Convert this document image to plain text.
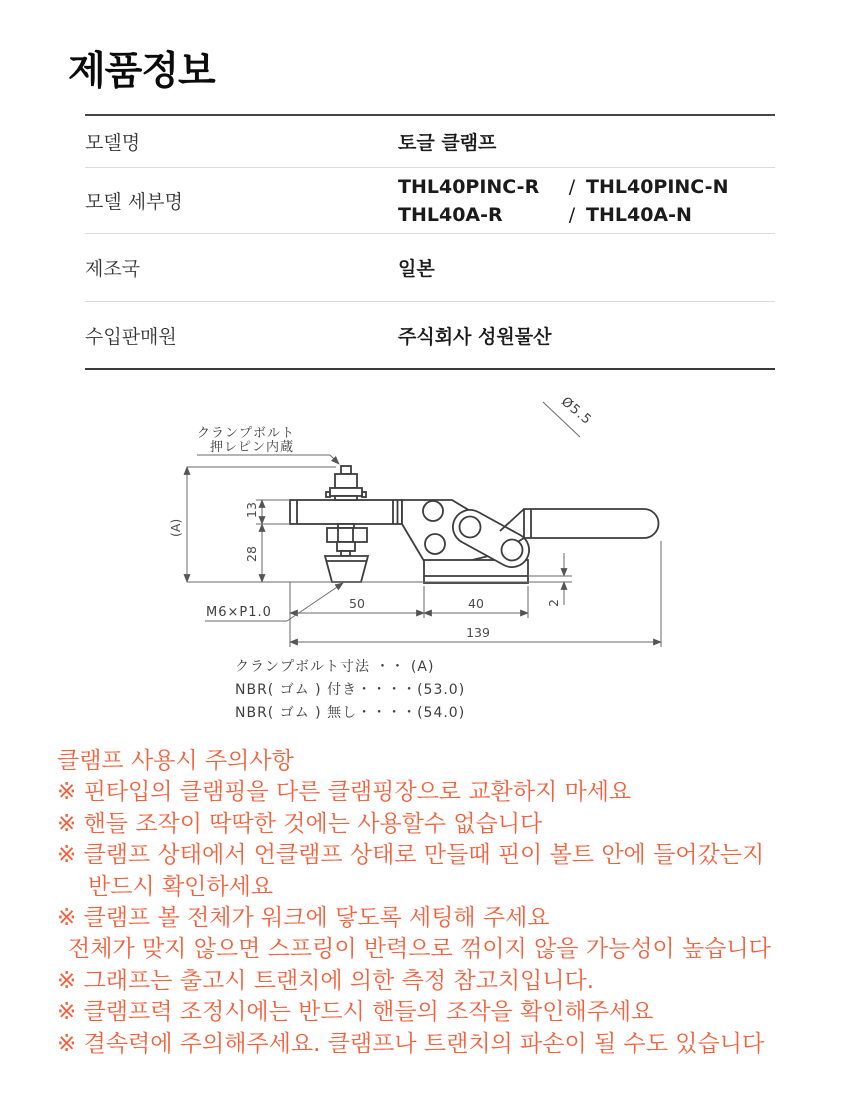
제품정보
모델명	토글 클램프
모델 세부명
THL40PINC-R	/ THL40PINC-N
THL40A-R	/ THL40A-N
제조국	일본
수입판매원	주식회사 성원물산
クランプボルト
押レピン内蔵
Ø5.5
M6×P1.0
(A)
13
28
50	40
139
2
クランプボルト寸法 ・・ (A)
NBR( ゴム ) 付き・・・・(53.0)
NBR( ゴム ) 無し・・・・(54.0)
클램프 사용시 주의사항
※ 핀타입의 클램핑을 다른 클램핑장으로 교환하지 마세요
※ 핸들 조작이 딱딱한 것에는 사용할수 없습니다
※ 클램프 상태에서 언클램프 상태로 만들때 핀이 볼트 안에 들어갔는지
반드시 확인하세요
※ 클램프 볼 전체가 워크에 닿도록 세팅해 주세요
전체가 맞지 않으면 스프링이 반력으로 꺾이지 않을 가능성이 높습니다
※ 그래프는 출고시 트랜치에 의한 측정 참고치입니다.
※ 클램프력 조정시에는 반드시 핸들의 조작을 확인해주세요
※ 결속력에 주의해주세요. 클램프나 트랜치의 파손이 될 수도 있습니다
